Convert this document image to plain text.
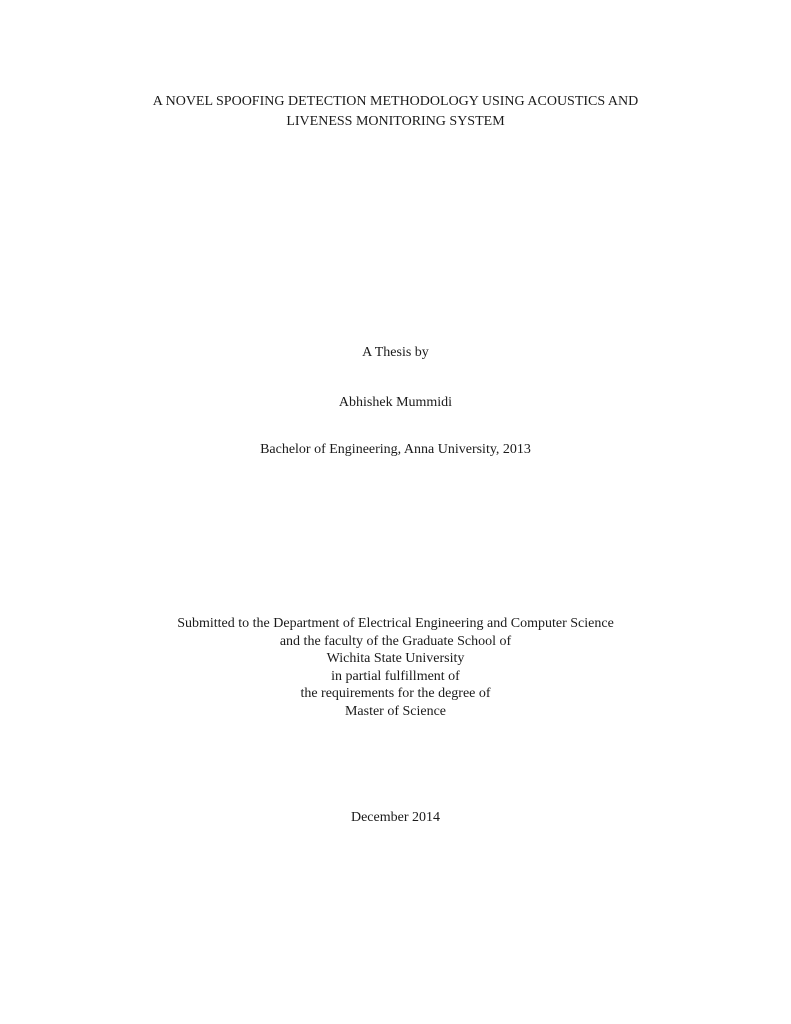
A NOVEL SPOOFING DETECTION METHODOLOGY USING ACOUSTICS AND
LIVENESS MONITORING SYSTEM
A Thesis by
Abhishek Mummidi
Bachelor of Engineering, Anna University, 2013
Submitted to the Department of Electrical Engineering and Computer Science
and the faculty of the Graduate School of
Wichita State University
in partial fulfillment of
the requirements for the degree of
Master of Science
December 2014
